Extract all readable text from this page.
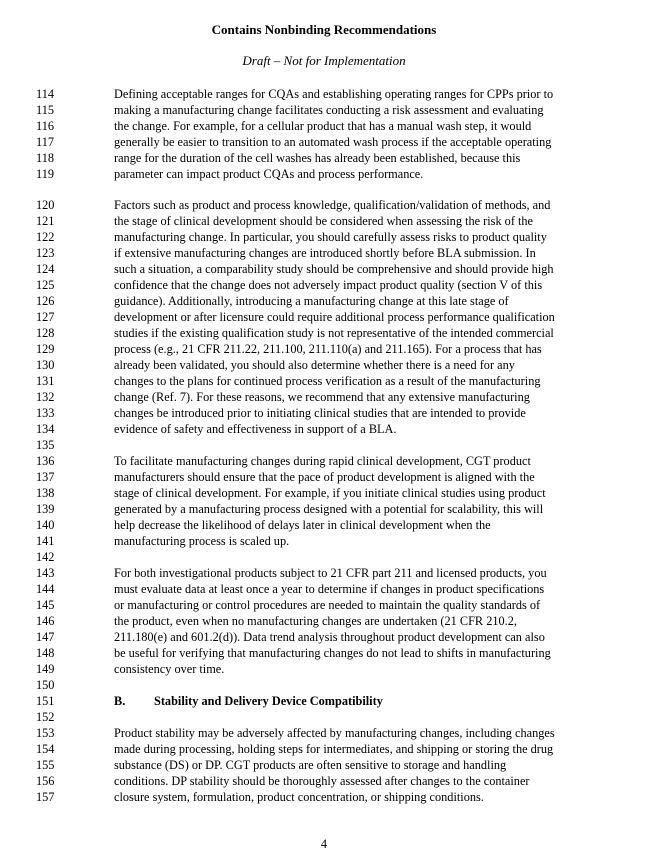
Contains Nonbinding Recommendations
Draft – Not for Implementation
114	Defining acceptable ranges for CQAs and establishing operating ranges for CPPs prior to
115	making a manufacturing change facilitates conducting a risk assessment and evaluating
116	the change. For example, for a cellular product that has a manual wash step, it would
117	generally be easier to transition to an automated wash process if the acceptable operating
118	range for the duration of the cell washes has already been established, because this
119	parameter can impact product CQAs and process performance.
120	Factors such as product and process knowledge, qualification/validation of methods, and
121	the stage of clinical development should be considered when assessing the risk of the
122	manufacturing change. In particular, you should carefully assess risks to product quality
123	if extensive manufacturing changes are introduced shortly before BLA submission. In
124	such a situation, a comparability study should be comprehensive and should provide high
125	confidence that the change does not adversely impact product quality (section V of this
126	guidance). Additionally, introducing a manufacturing change at this late stage of
127	development or after licensure could require additional process performance qualification
128	studies if the existing qualification study is not representative of the intended commercial
129	process (e.g., 21 CFR 211.22, 211.100, 211.110(a) and 211.165). For a process that has
130	already been validated, you should also determine whether there is a need for any
131	changes to the plans for continued process verification as a result of the manufacturing
132	change (Ref. 7). For these reasons, we recommend that any extensive manufacturing
133	changes be introduced prior to initiating clinical studies that are intended to provide
134	evidence of safety and effectiveness in support of a BLA.
135
136	To facilitate manufacturing changes during rapid clinical development, CGT product
137	manufacturers should ensure that the pace of product development is aligned with the
138	stage of clinical development. For example, if you initiate clinical studies using product
139	generated by a manufacturing process designed with a potential for scalability, this will
140	help decrease the likelihood of delays later in clinical development when the
141	manufacturing process is scaled up.
142
143	For both investigational products subject to 21 CFR part 211 and licensed products, you
144	must evaluate data at least once a year to determine if changes in product specifications
145	or manufacturing or control procedures are needed to maintain the quality standards of
146	the product, even when no manufacturing changes are undertaken (21 CFR 210.2,
147	211.180(e) and 601.2(d)). Data trend analysis throughout product development can also
148	be useful for verifying that manufacturing changes do not lead to shifts in manufacturing
149	consistency over time.
150
151	B. Stability and Delivery Device Compatibility
152
153	Product stability may be adversely affected by manufacturing changes, including changes
154	made during processing, holding steps for intermediates, and shipping or storing the drug
155	substance (DS) or DP. CGT products are often sensitive to storage and handling
156	conditions. DP stability should be thoroughly assessed after changes to the container
157	closure system, formulation, product concentration, or shipping conditions.
4
